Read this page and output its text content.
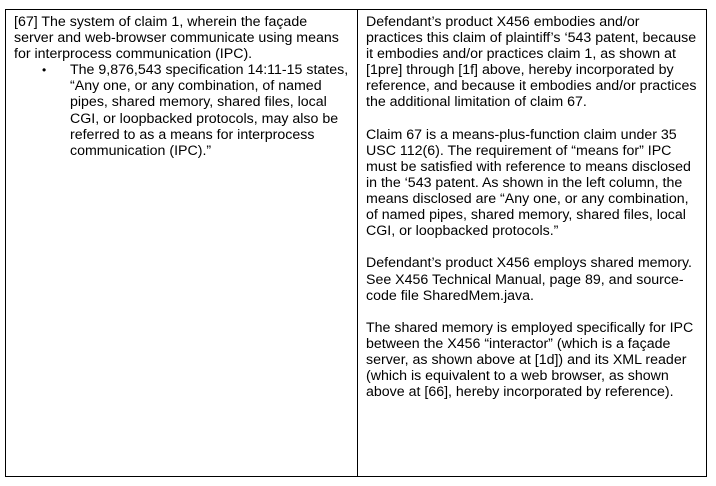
[67] The system of claim 1, wherein the façade server and web-browser communicate using means for interprocess communication (IPC).

• The 9,876,543 specification 14:11-15 states, “Any one, or any combination, of named pipes, shared memory, shared files, local CGI, or loopbacked protocols, may also be referred to as a means for interprocess communication (IPC).”

Defendant’s product X456 embodies and/or practices this claim of plaintiff’s ‘543 patent, because it embodies and/or practices claim 1, as shown at [1pre] through [1f] above, hereby incorporated by reference, and because it embodies and/or practices the additional limitation of claim 67.

Claim 67 is a means-plus-function claim under 35 USC 112(6). The requirement of “means for” IPC must be satisfied with reference to means disclosed in the ‘543 patent. As shown in the left column, the means disclosed are “Any one, or any combination, of named pipes, shared memory, shared files, local CGI, or loopbacked protocols.”

Defendant’s product X456 employs shared memory. See X456 Technical Manual, page 89, and source-code file SharedMem.java.

The shared memory is employed specifically for IPC between the X456 “interactor” (which is a façade server, as shown above at [1d]) and its XML reader (which is equivalent to a web browser, as shown above at [66], hereby incorporated by reference).
